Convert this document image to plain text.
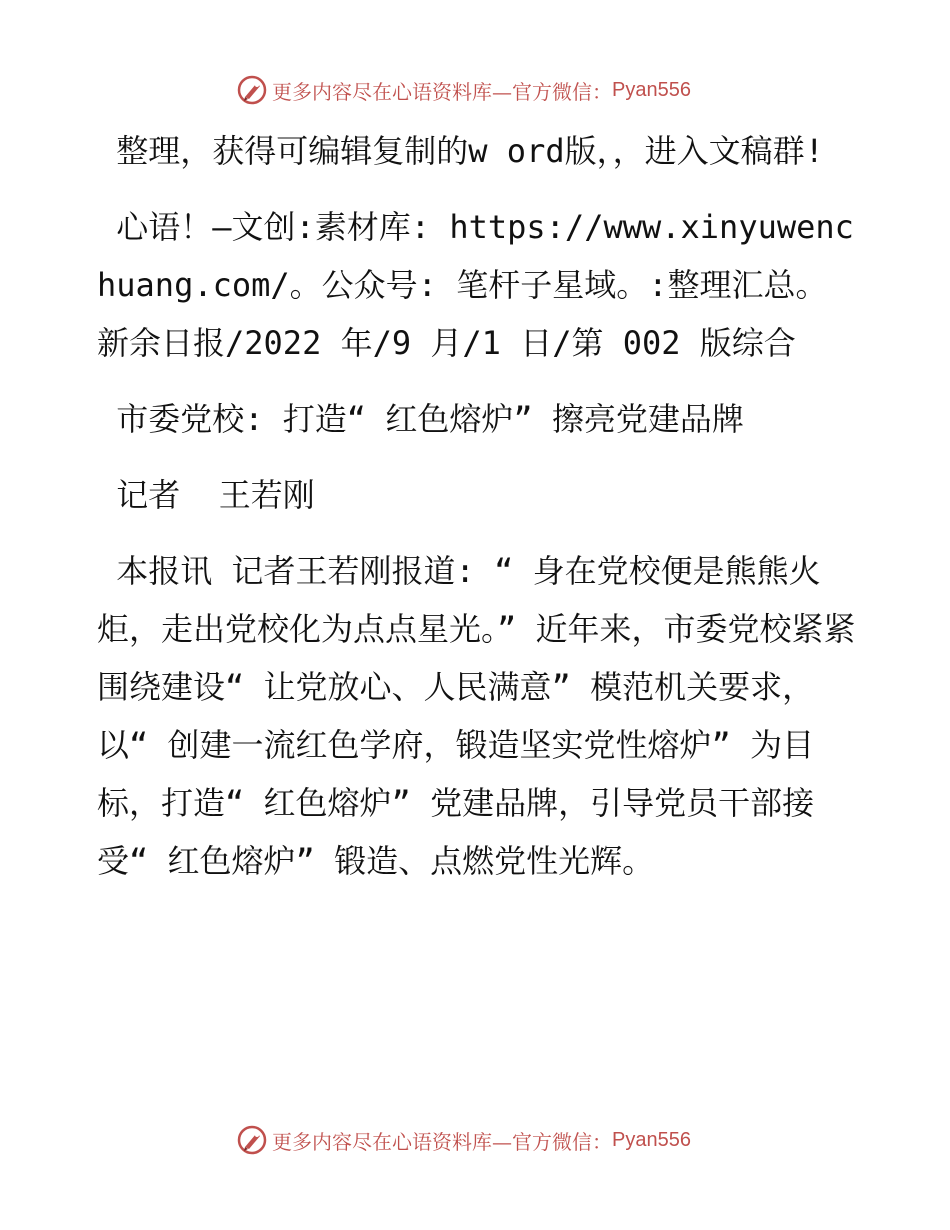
更多内容尽在心语资料库—官方微信： Pyan556

整理，获得可编辑复制的w ord版，，进入文稿群!

心语！—文创:素材库: https://www.xinyuwenchuang.com/。公众号: 笔杆子星域。:整理汇总。新余日报/2022 年/9 月/1 日/第 002 版综合

市委党校: 打造“ 红色熔炉” 擦亮党建品牌

记者  王若刚

本报讯 记者王若刚报道: “ 身在党校便是熊熊火炬，走出党校化为点点星光。” 近年来，市委党校紧紧围绕建设“ 让党放心、人民满意” 模范机关要求，以“ 创建一流红色学府，锻造坚实党性熔炉” 为目标，打造“ 红色熔炉” 党建品牌，引导党员干部接受“ 红色熔炉” 锻造、点燃党性光辉。

更多内容尽在心语资料库—官方微信： Pyan556
